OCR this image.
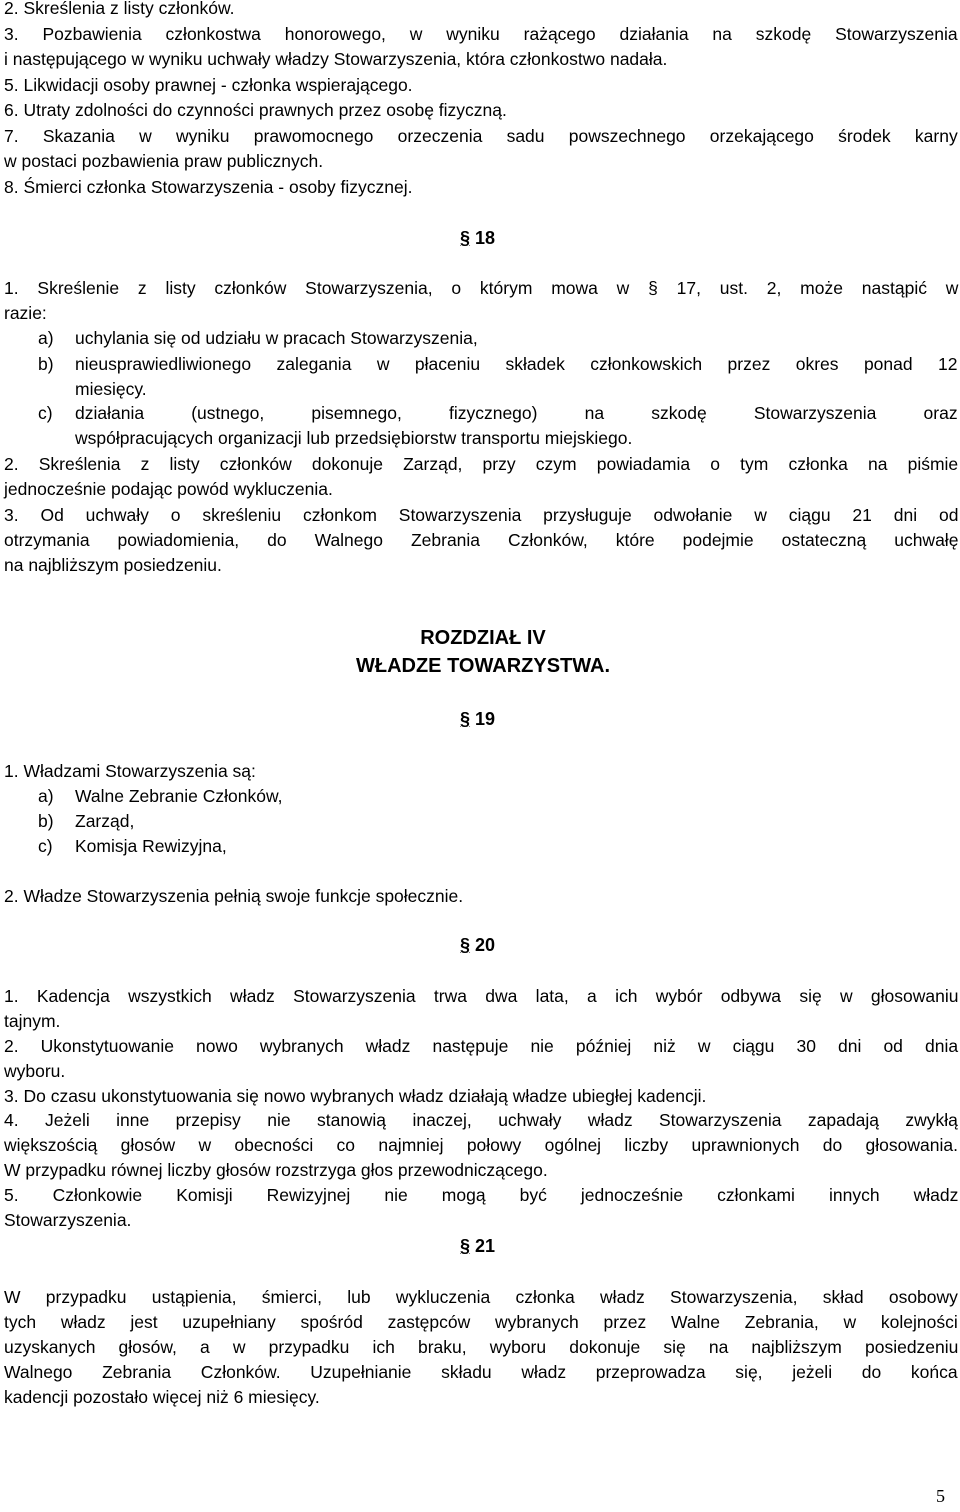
2. Skreślenia z listy członków.
3. Pozbawienia członkostwa honorowego, w wyniku rażącego działania na szkodę Stowarzyszenia
i następującego w wyniku uchwały władzy Stowarzyszenia, która członkostwo nadała.
5. Likwidacji osoby prawnej - członka wspierającego.
6. Utraty zdolności do czynności prawnych przez osobę fizyczną.
7. Skazania w wyniku prawomocnego orzeczenia sadu powszechnego orzekającego środek karny
w postaci pozbawienia praw publicznych.
8. Śmierci członka Stowarzyszenia - osoby fizycznej.
§ 18
1. Skreślenie z listy członków Stowarzyszenia, o którym mowa w § 17, ust. 2, może nastąpić w
razie:
a) uchylania się od udziału w pracach Stowarzyszenia,
b) nieusprawiedliwionego zalegania w płaceniu składek członkowskich przez okres ponad 12
miesięcy.
c) działania (ustnego, pisemnego, fizycznego) na szkodę Stowarzyszenia oraz
współpracujących organizacji lub przedsiębiorstw transportu miejskiego.
2. Skreślenia z listy członków dokonuje Zarząd, przy czym powiadamia o tym członka na piśmie
jednocześnie podając powód wykluczenia.
3. Od uchwały o skreśleniu członkom Stowarzyszenia przysługuje odwołanie w ciągu 21 dni od
otrzymania powiadomienia, do Walnego Zebrania Członków, które podejmie ostateczną uchwałę
na najbliższym posiedzeniu.
ROZDZIAŁ IV
WŁADZE TOWARZYSTWA.
§ 19
1. Władzami Stowarzyszenia są:
a) Walne Zebranie Członków,
b) Zarząd,
c) Komisja Rewizyjna,
2. Władze Stowarzyszenia pełnią swoje funkcje społecznie.
§ 20
1. Kadencja wszystkich władz Stowarzyszenia trwa dwa lata, a ich wybór odbywa się w głosowaniu
tajnym.
2. Ukonstytuowanie nowo wybranych władz następuje nie później niż w ciągu 30 dni od dnia
wyboru.
3. Do czasu ukonstytuowania się nowo wybranych władz działają władze ubiegłej kadencji.
4. Jeżeli inne przepisy nie stanowią inaczej, uchwały władz Stowarzyszenia zapadają zwykłą
większością głosów w obecności co najmniej połowy ogólnej liczby uprawnionych do głosowania.
W przypadku równej liczby głosów rozstrzyga głos przewodniczącego.
5. Członkowie Komisji Rewizyjnej nie mogą być jednocześnie członkami innych władz
Stowarzyszenia.
§ 21
W przypadku ustąpienia, śmierci, lub wykluczenia członka władz Stowarzyszenia, skład osobowy
tych władz jest uzupełniany spośród zastępców wybranych przez Walne Zebrania, w kolejności
uzyskanych głosów, a w przypadku ich braku, wyboru dokonuje się na najbliższym posiedzeniu
Walnego Zebrania Członków. Uzupełnianie składu władz przeprowadza się, jeżeli do końca
kadencji pozostało więcej niż 6 miesięcy.
5
